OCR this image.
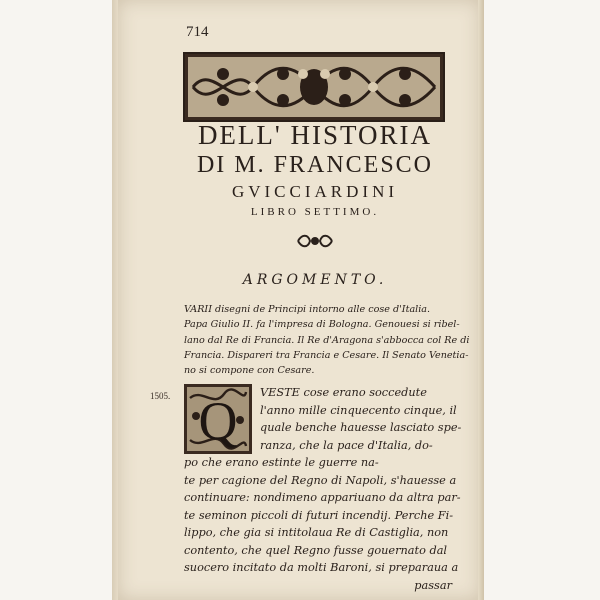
714
DELL' HISTORIA
DI M. FRANCESCO
GVICCIARDINI
LIBRO SETTIMO.
ARGOMENTO.

VARII disegni de Principi intorno alle cose d'Italia.
Papa Giulio II. fa l'impresa di Bologna. Genouesi si ribel-
lano dal Re di Francia. Il Re d'Aragona s'abbocca col Re di
Francia. Dispareri tra Francia e Cesare. Il Senato Venetia-
no si compone con Cesare.

1505. Q VESTE cose erano soccedute
l'anno mille cinquecento cinque, il
quale benche hauesse lasciato spe-
ranza, che la pace d'Italia, do-
po che erano estinte le guerre na-
te per cagione del Regno di Napoli, s'hauesse a
continuare: nondimeno appariuano da altra par-
te seminon piccoli di futuri incendij. Perche Fi-
lippo, che gia si intitolaua Re di Castiglia, non
contento, che quel Regno fusse gouernato dal
suocero incitato da molti Baroni, si preparaua a
passar
